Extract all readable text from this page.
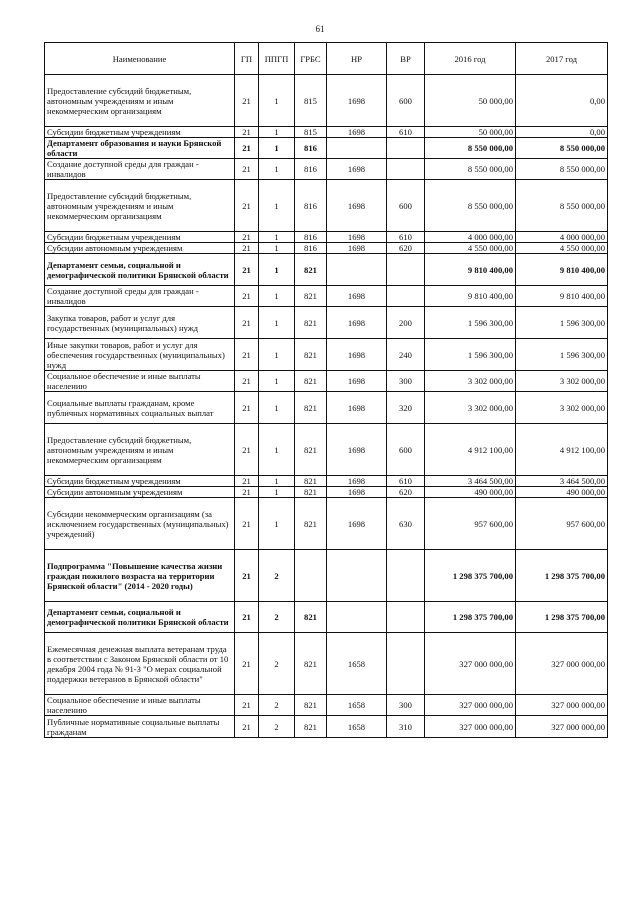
61
Наименование	ГП	ППГП	ГРБС	НР	ВР	2016 год	2017 год
Предоставление субсидий бюджетным, автономным учреждениям и иным некоммерческим организациям	21	1	815	1698	600	50 000,00	0,00
Субсидии бюджетным учреждениям	21	1	815	1698	610	50 000,00	0,00
Департамент образования и науки Брянской области	21	1	816			8 550 000,00	8 550 000,00
Создание доступной среды для граждан - инвалидов	21	1	816	1698		8 550 000,00	8 550 000,00
Предоставление субсидий бюджетным, автономным учреждениям и иным некоммерческим организациям	21	1	816	1698	600	8 550 000,00	8 550 000,00
Субсидии бюджетным учреждениям	21	1	816	1698	610	4 000 000,00	4 000 000,00
Субсидии автономным учреждениям	21	1	816	1698	620	4 550 000,00	4 550 000,00
Департамент семьи, социальной и демографической политики Брянской области	21	1	821			9 810 400,00	9 810 400,00
Создание доступной среды для граждан - инвалидов	21	1	821	1698		9 810 400,00	9 810 400,00
Закупка товаров, работ и услуг для государственных (муниципальных) нужд	21	1	821	1698	200	1 596 300,00	1 596 300,00
Иные закупки товаров, работ и услуг для обеспечения государственных (муниципальных) нужд	21	1	821	1698	240	1 596 300,00	1 596 300,00
Социальное обеспечение и иные выплаты населению	21	1	821	1698	300	3 302 000,00	3 302 000,00
Социальные выплаты гражданам, кроме публичных нормативных социальных выплат	21	1	821	1698	320	3 302 000,00	3 302 000,00
Предоставление субсидий бюджетным, автономным учреждениям и иным некоммерческим организациям	21	1	821	1698	600	4 912 100,00	4 912 100,00
Субсидии бюджетным учреждениям	21	1	821	1698	610	3 464 500,00	3 464 500,00
Субсидии автономным учреждениям	21	1	821	1698	620	490 000,00	490 000,00
Субсидии некоммерческим организациям (за исключением государственных (муниципальных) учреждений)	21	1	821	1698	630	957 600,00	957 600,00
Подпрограмма "Повышение качества жизни граждан пожилого возраста на территории Брянской области" (2014 - 2020 годы)	21	2				1 298 375 700,00	1 298 375 700,00
Департамент семьи, социальной и демографической политики Брянской области	21	2	821			1 298 375 700,00	1 298 375 700,00
Ежемесячная денежная выплата ветеранам труда в соответствии с Законом Брянской области от 10 декабря 2004 года № 91-З "О мерах социальной поддержки ветеранов в Брянской области"	21	2	821	1658		327 000 000,00	327 000 000,00
Социальное обеспечение и иные выплаты населению	21	2	821	1658	300	327 000 000,00	327 000 000,00
Публичные нормативные социальные выплаты гражданам	21	2	821	1658	310	327 000 000,00	327 000 000,00
